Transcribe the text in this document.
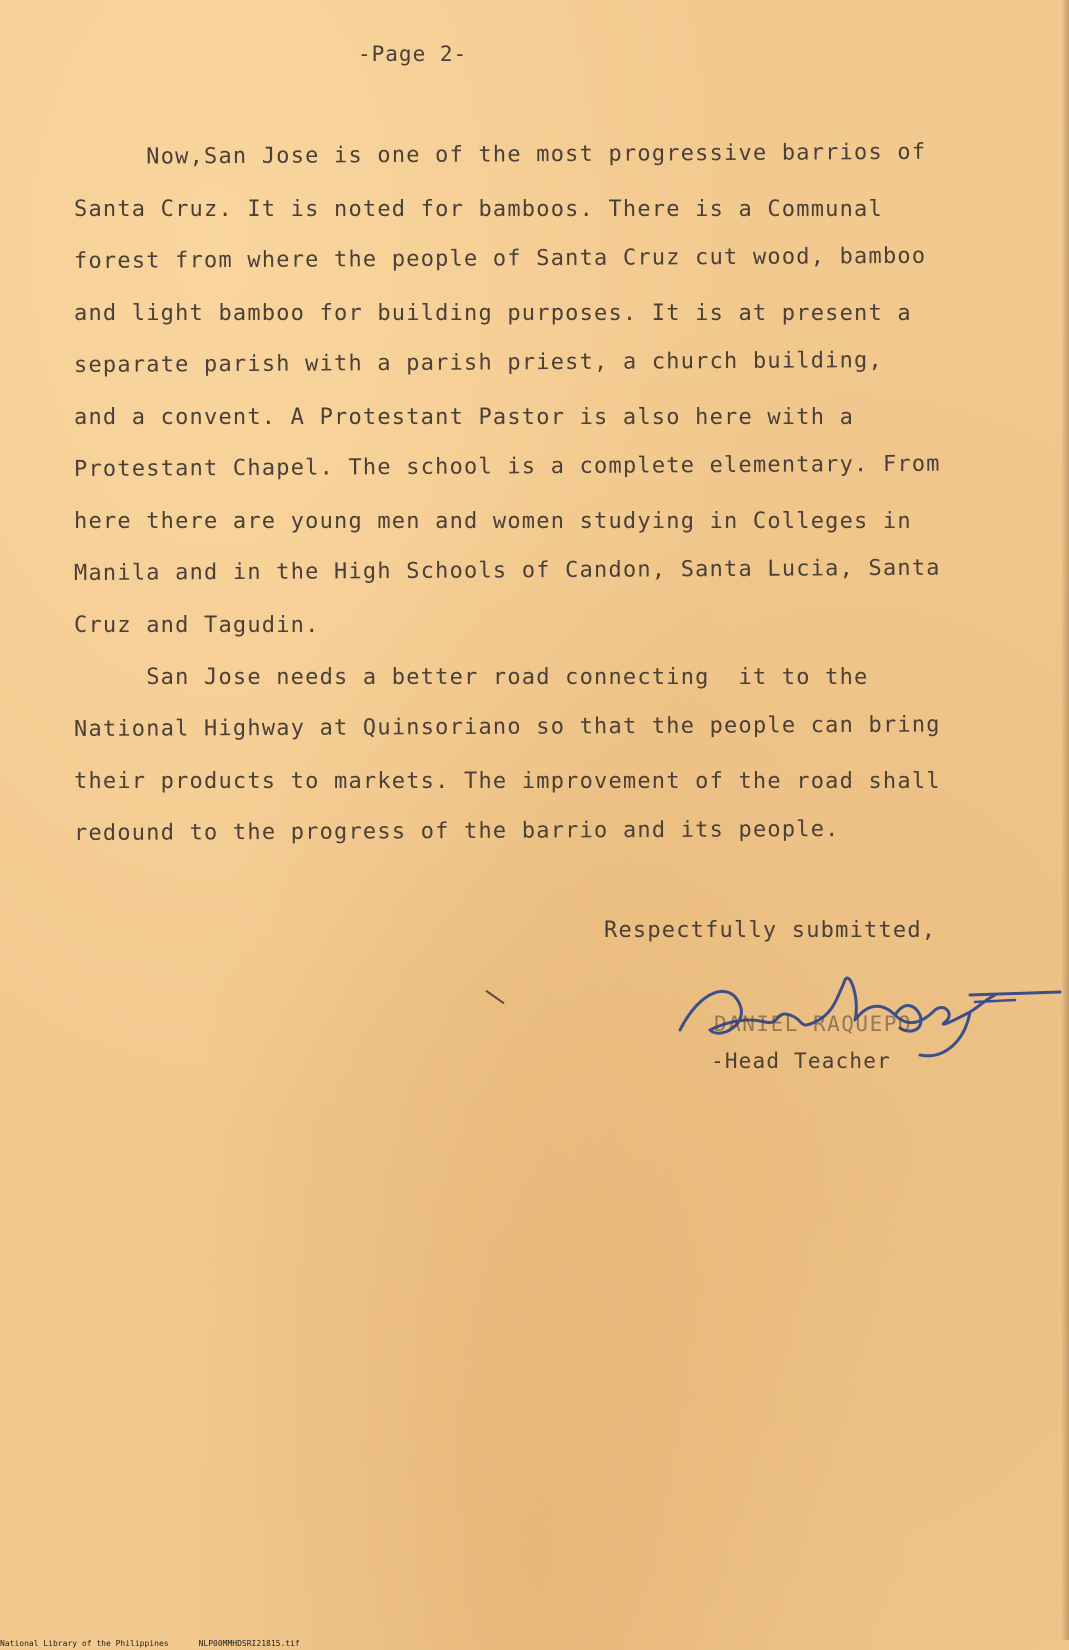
-Page 2-
Now,San Jose is one of the most progressive barrios of
Santa Cruz. It is noted for bamboos. There is a Communal
forest from where the people of Santa Cruz cut wood, bamboo
and light bamboo for building purposes. It is at present a
separate parish with a parish priest, a church building,
and a convent. A Protestant Pastor is also here with a
Protestant Chapel. The school is a complete elementary. From
here there are young men and women studying in Colleges in
Manila and in the High Schools of Candon, Santa Lucia, Santa
Cruz and Tagudin.
San Jose needs a better road connecting  it to the
National Highway at Quinsoriano so that the people can bring
their products to markets. The improvement of the road shall
redound to the progress of the barrio and its people.
Respectfully submitted,
DANIEL RAQUEPO
-Head Teacher
National Library of the Philippines	NLP00MMHDSRI21815.tif
